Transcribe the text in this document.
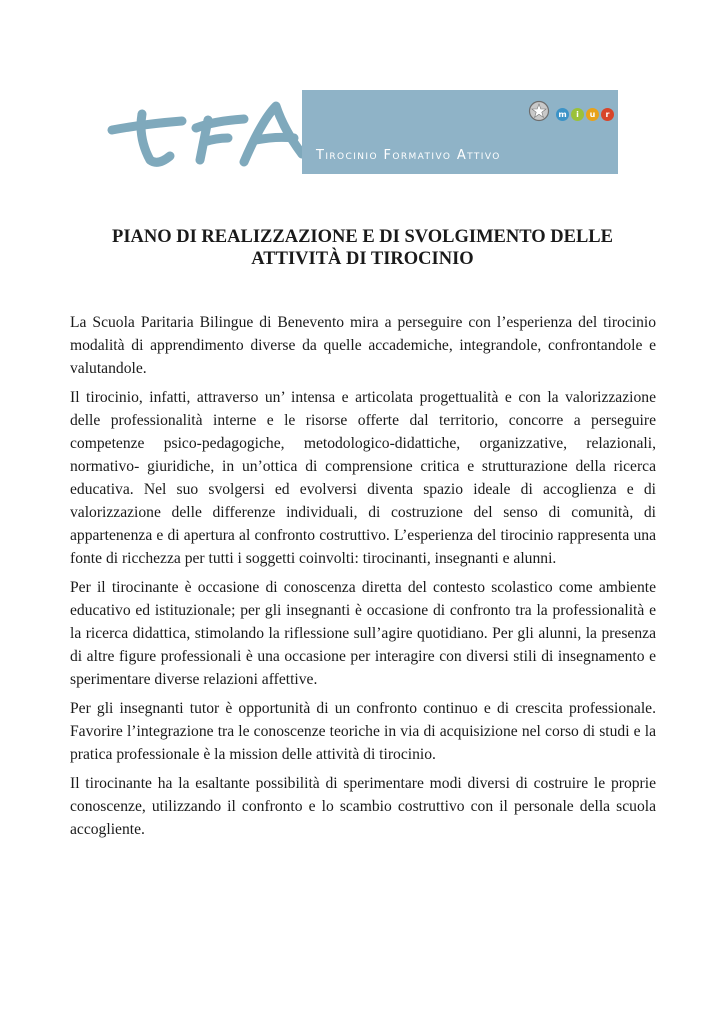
m i u r
Tirocinio Formativo Attivo
PIANO DI REALIZZAZIONE E DI SVOLGIMENTO DELLE
ATTIVITÀ DI TIROCINIO

La Scuola Paritaria Bilingue di Benevento mira a perseguire con l’esperienza del tirocinio modalità di apprendimento diverse da quelle accademiche, integrandole, confrontandole e valutandole.

Il tirocinio, infatti, attraverso un’ intensa e articolata progettualità e con la valorizzazione delle professionalità interne e le risorse offerte dal territorio, concorre a perseguire competenze psico-pedagogiche, metodologico-didattiche, organizzative, relazionali, normativo- giuridiche, in un’ottica di comprensione critica e strutturazione della ricerca educativa. Nel suo svolgersi ed evolversi diventa spazio ideale di accoglienza e di valorizzazione delle differenze individuali, di costruzione del senso di comunità, di appartenenza e di apertura al confronto costruttivo. L’esperienza del tirocinio rappresenta una fonte di ricchezza per tutti i soggetti coinvolti: tirocinanti, insegnanti e alunni.

Per il tirocinante è occasione di conoscenza diretta del contesto scolastico come ambiente educativo ed istituzionale; per gli insegnanti è occasione di confronto tra la professionalità e la ricerca didattica, stimolando la riflessione sull’agire quotidiano. Per gli alunni, la presenza di altre figure professionali è una occasione per interagire con diversi stili di insegnamento e sperimentare diverse relazioni affettive.

Per gli insegnanti tutor è opportunità di un confronto continuo e di crescita professionale. Favorire l’integrazione tra le conoscenze teoriche in via di acquisizione nel corso di studi e la pratica professionale è la mission delle attività di tirocinio.

Il tirocinante ha la esaltante possibilità di sperimentare modi diversi di costruire le proprie conoscenze, utilizzando il confronto e lo scambio costruttivo con il personale della scuola accogliente.
